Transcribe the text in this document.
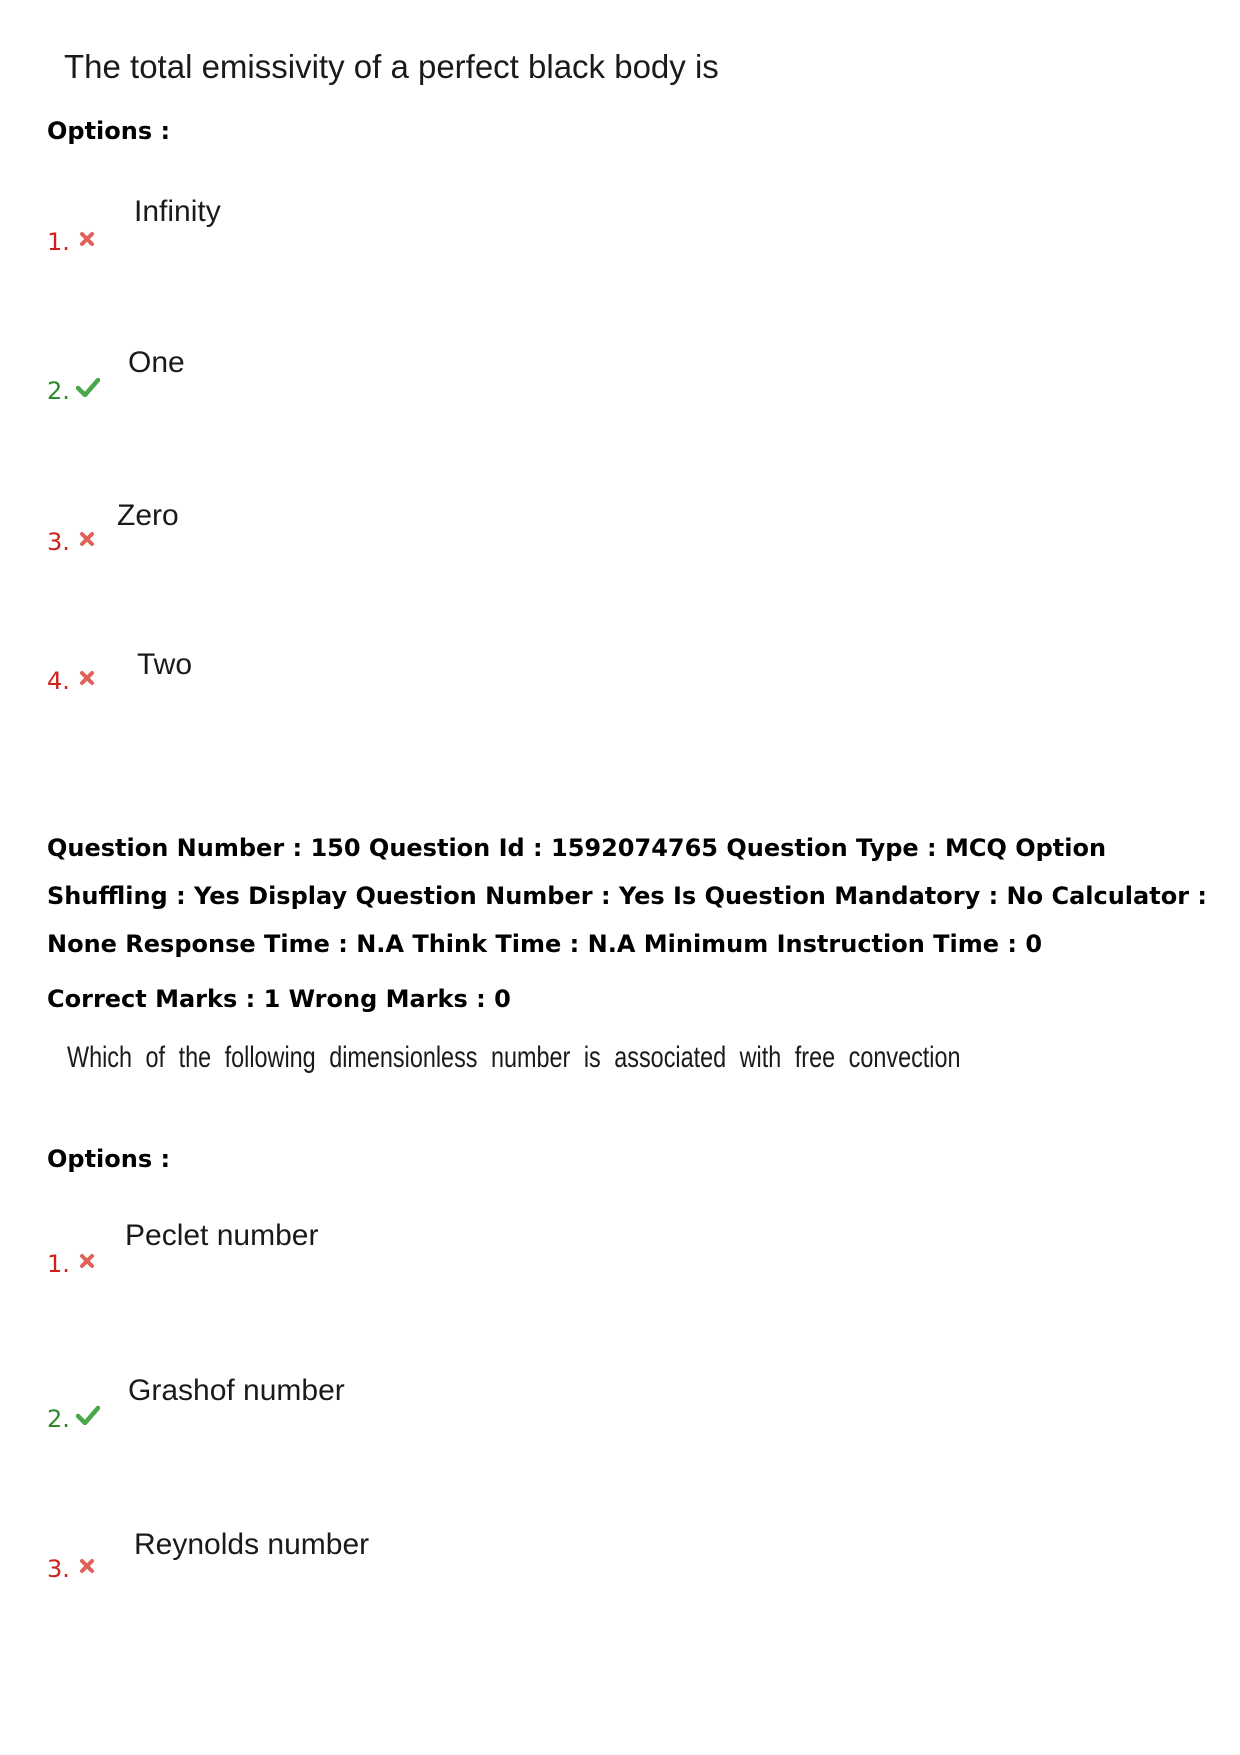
The total emissivity of a perfect black body is
Options :
1.
Infinity
2.
One
3.
Zero
4. Two
Question Number : 150 Question Id : 1592074765 Question Type : MCQ Option Shuffling : Yes Display Question Number : Yes Is Question Mandatory : No Calculator : None Response Time : N.A Think Time : N.A Minimum Instruction Time : 0
Correct Marks : 1 Wrong Marks : 0
Which of the following dimensionless number is associated with free convection
Options :
1.
Peclet number
2.
Grashof number
3.
Reynolds number
